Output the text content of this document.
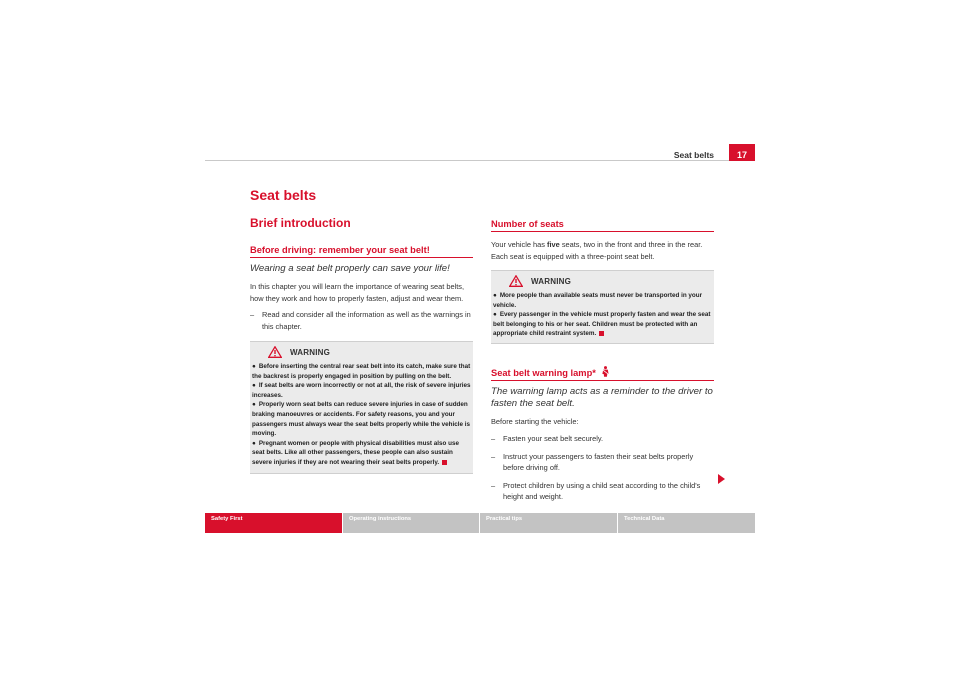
Seat belts	17
Seat belts
Brief introduction
Before driving: remember your seat belt!
Wearing a seat belt properly can save your life!
In this chapter you will learn the importance of wearing seat belts, how they work and how to properly fasten, adjust and wear them.
– Read and consider all the information as well as the warnings in this chapter.
WARNING
● Before inserting the central rear seat belt into its catch, make sure that the backrest is properly engaged in position by pulling on the belt.
● If seat belts are worn incorrectly or not at all, the risk of severe injuries increases.
● Properly worn seat belts can reduce severe injuries in case of sudden braking manoeuvres or accidents. For safety reasons, you and your passengers must always wear the seat belts properly while the vehicle is moving.
● Pregnant women or people with physical disabilities must also use seat belts. Like all other passengers, these people can also sustain severe injuries if they are not wearing their seat belts properly.
Number of seats
Your vehicle has five seats, two in the front and three in the rear. Each seat is equipped with a three-point seat belt.
WARNING
● More people than available seats must never be transported in your vehicle.
● Every passenger in the vehicle must properly fasten and wear the seat belt belonging to his or her seat. Children must be protected with an appropriate child restraint system.
Seat belt warning lamp*
The warning lamp acts as a reminder to the driver to fasten the seat belt.
Before starting the vehicle:
– Fasten your seat belt securely.
– Instruct your passengers to fasten their seat belts properly before driving off.
– Protect children by using a child seat according to the child's height and weight.
Safety First	Operating instructions	Practical tips	Technical Data
